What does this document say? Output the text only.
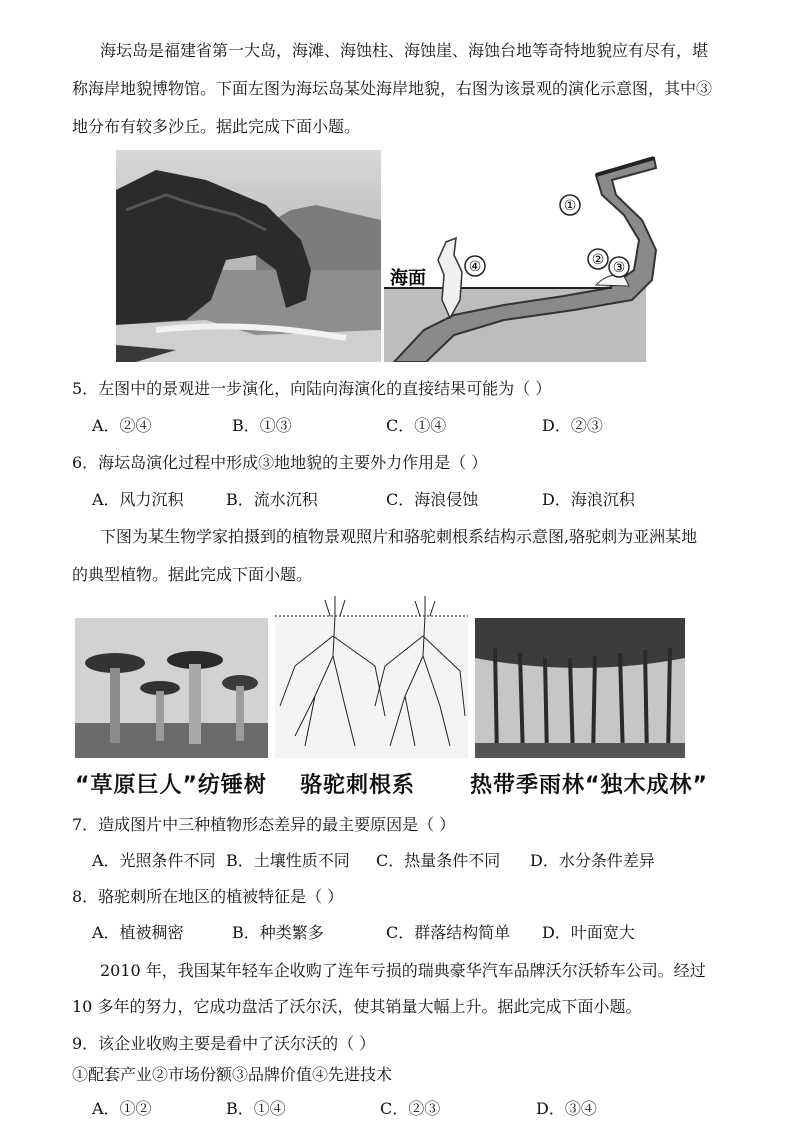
海坛岛是福建省第一大岛，海滩、海蚀柱、海蚀崖、海蚀台地等奇特地貌应有尽有，堪
称海岸地貌博物馆。下面左图为海坛岛某处海岸地貌，右图为该景观的演化示意图，其中③
地分布有较多沙丘。据此完成下面小题。
①
② ③
④
海面
5．左图中的景观进一步演化，向陆向海演化的直接结果可能为（ ）
A．②④	B．①③	C．①④	D．②③
6．海坛岛演化过程中形成③地地貌的主要外力作用是（ ）
A．风力沉积	B．流水沉积	C．海浪侵蚀	D．海浪沉积
下图为某生物学家拍摄到的植物景观照片和骆驼刺根系结构示意图,骆驼刺为亚洲某地
的典型植物。据此完成下面小题。
“草原巨人”纺锤树 骆驼刺根系 热带季雨林“独木成林”
7．造成图片中三种植物形态差异的最主要原因是（ ）
A．光照条件不同 B．土壤性质不同 C．热量条件不同 D．水分条件差异
8．骆驼刺所在地区的植被特征是（ ）
A．植被稠密	B．种类繁多	C．群落结构简单 D．叶面宽大
2010 年，我国某年轻车企收购了连年亏损的瑞典豪华汽车品牌沃尔沃轿车公司。经过
10 多年的努力，它成功盘活了沃尔沃，使其销量大幅上升。据此完成下面小题。
9．该企业收购主要是看中了沃尔沃的（ ）
①配套产业②市场份额③品牌价值④先进技术
A．①②	B．①④	C．②③	D．③④
